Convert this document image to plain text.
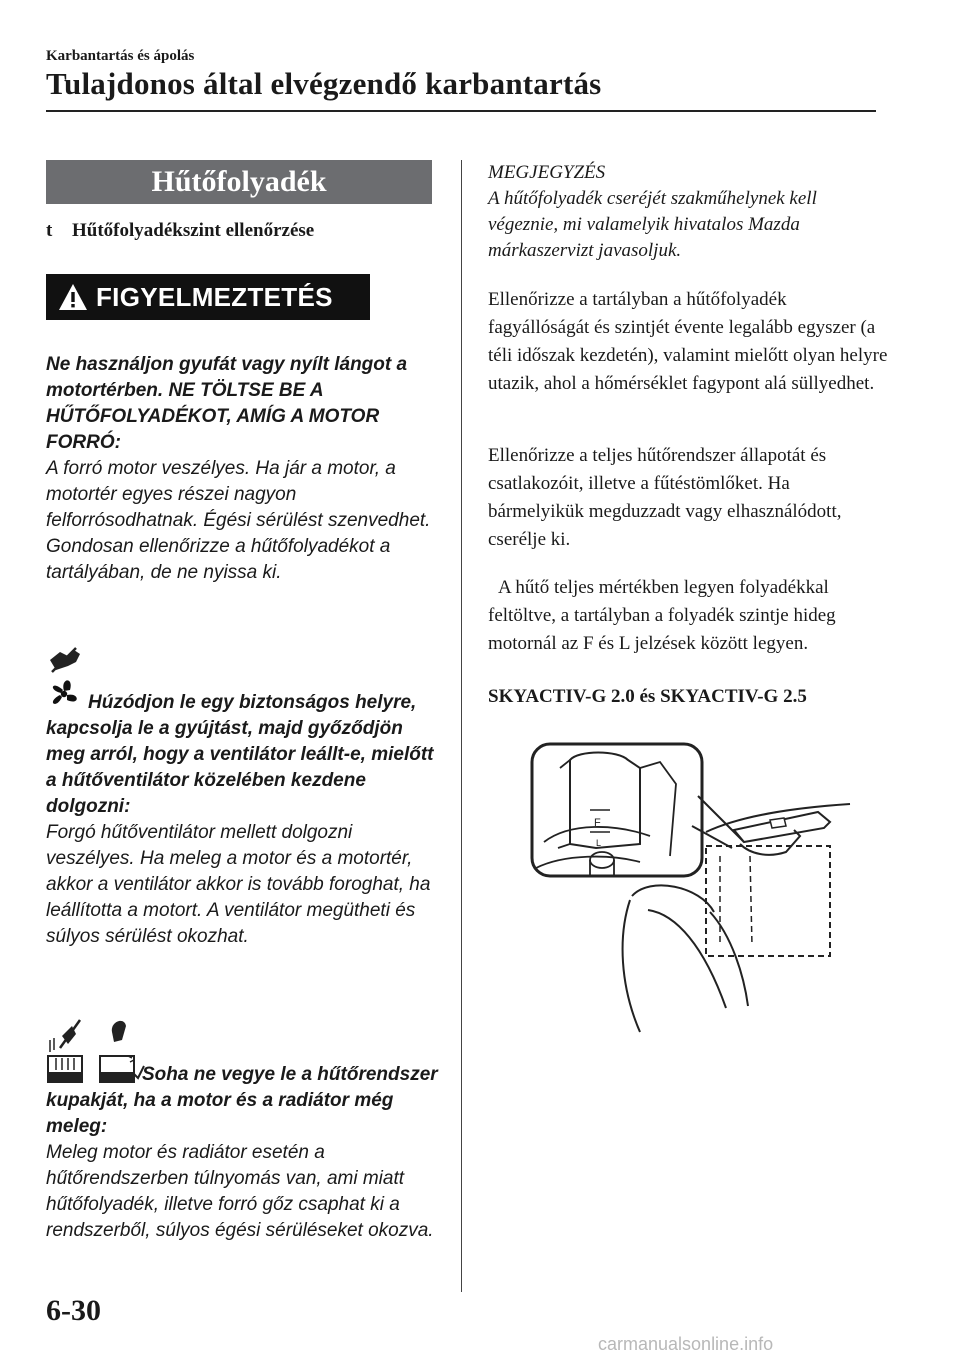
Karbantartás és ápolás
Tulajdonos által elvégzendő karbantartás
Hűtőfolyadék
t Hűtőfolyadékszint ellenőrzése
FIGYELMEZTETÉS

Ne használjon gyufát vagy nyílt lángot a motortérben. NE TÖLTSE BE A HŰTŐFOLYADÉKOT, AMÍG A MOTOR FORRÓ:

A forró motor veszélyes. Ha jár a motor, a motortér egyes részei nagyon felforrósodhatnak. Égési sérülést szenvedhet. Gondosan ellenőrizze a hűtőfolyadékot a tartályában, de ne nyissa ki.

Húzódjon le egy biztonságos helyre, kapcsolja le a gyújtást, majd győződjön meg arról, hogy a ventilátor leállt-e, mielőtt a hűtőventilátor közelében kezdene dolgozni:

Forgó hűtőventilátor mellett dolgozni veszélyes. Ha meleg a motor és a motortér, akkor a ventilátor akkor is tovább foroghat, ha leállította a motort. A ventilátor megütheti és súlyos sérülést okozhat.

Soha ne vegye le a hűtőrendszer kupakját, ha a motor és a radiátor még meleg:

Meleg motor és radiátor esetén a hűtőrendszerben túlnyomás van, ami miatt hűtőfolyadék, illetve forró gőz csaphat ki a rendszerből, súlyos égési sérüléseket okozva.

MEGJEGYZÉS

A hűtőfolyadék cseréjét szakműhelynek kell végeznie, mi valamelyik hivatalos Mazda márkaszervizt javasoljuk.

Ellenőrizze a tartályban a hűtőfolyadék fagyállóságát és szintjét évente legalább egyszer (a téli időszak kezdetén), valamint mielőtt olyan helyre utazik, ahol a hőmérséklet fagypont alá süllyedhet.

Ellenőrizze a teljes hűtőrendszer állapotát és csatlakozóit, illetve a fűtéstömlőket. Ha bármelyikük megduzzadt vagy elhasználódott, cserélje ki.

A hűtő teljes mértékben legyen folyadékkal feltöltve, a tartályban a folyadék szintje hideg motornál az F és L jelzések között legyen.

SKYACTIV-G 2.0 és SKYACTIV-G 2.5
F
L
6-30
carmanualsonline.info
